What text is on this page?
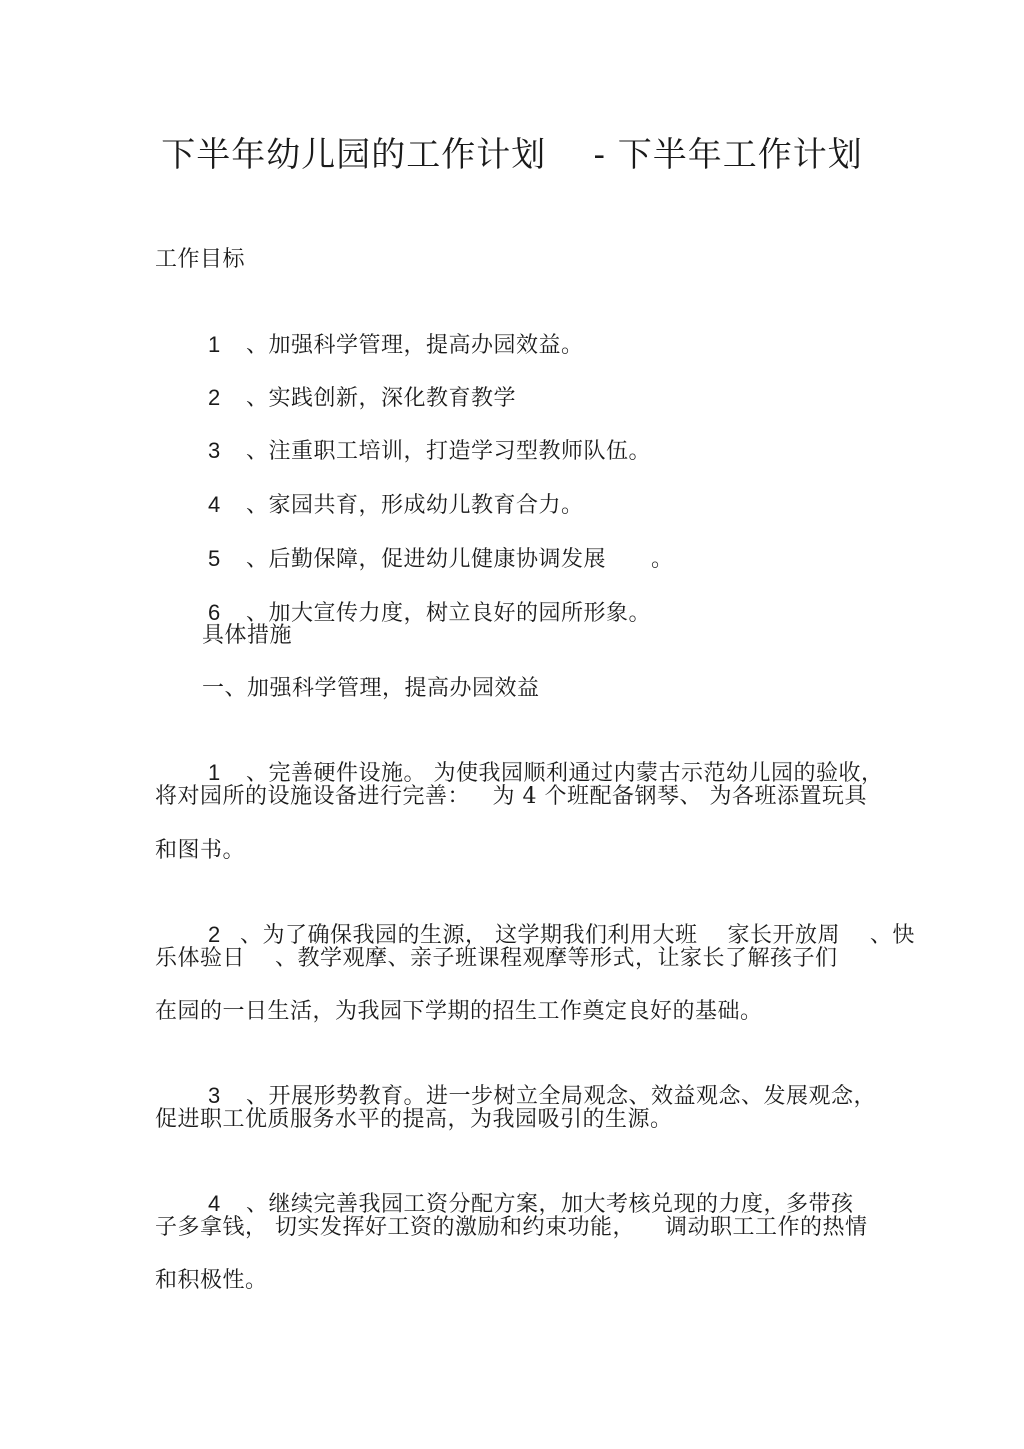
下半年幼儿园的工作计划    - 下半年工作计划
工作目标

1 、加强科学管理，提高办园效益。

2 、实践创新，深化教育教学

3 、注重职工培训，打造学习型教师队伍。

4 、家园共育，形成幼儿教育合力。

5 、后勤保障，促进幼儿健康协调发展      。

6 、加大宣传力度，树立良好的园所形象。

具体措施
一、加强科学管理，提高办园效益

1 、完善硬件设施。 为使我园顺利通过内蒙古示范幼儿园的验收，

将对园所的设施设备进行完善：   为 4 个班配备钢琴、 为各班添置玩具
和图书。

2 、为了确保我园的生源， 这学期我们利用大班    家长开放周    、快

乐体验日    、教学观摩、亲子班课程观摩等形式，让家长了解孩子们
在园的一日生活，为我园下学期的招生工作奠定良好的基础。

3 、开展形势教育。进一步树立全局观念、效益观念、发展观念，

促进职工优质服务水平的提高，为我园吸引的生源。

4 、继续完善我园工资分配方案，加大考核兑现的力度，多带孩

子多拿钱， 切实发挥好工资的激励和约束功能，    调动职工工作的热情
和积极性。
